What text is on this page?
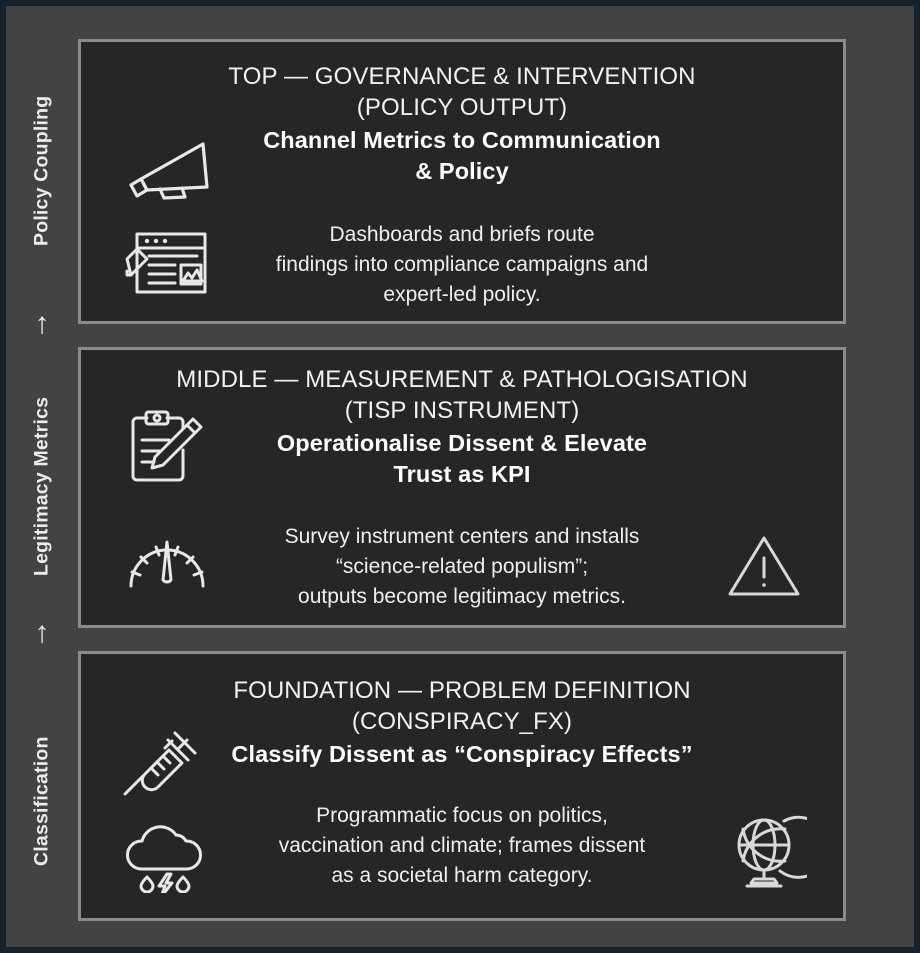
Policy Coupling
↑
Legitimacy Metrics
↑
Classification
TOP — GOVERNANCE & INTERVENTION
(POLICY OUTPUT)
Channel Metrics to Communication
& Policy
Dashboards and briefs route
findings into compliance campaigns and
expert-led policy.
MIDDLE — MEASUREMENT & PATHOLOGISATION
(TISP INSTRUMENT)
Operationalise Dissent & Elevate
Trust as KPI
Survey instrument centers and installs
“science-related populism”;
outputs become legitimacy metrics.
FOUNDATION — PROBLEM DEFINITION
(CONSPIRACY_FX)
Classify Dissent as “Conspiracy Effects”
Programmatic focus on politics,
vaccination and climate; frames dissent
as a societal harm category.
